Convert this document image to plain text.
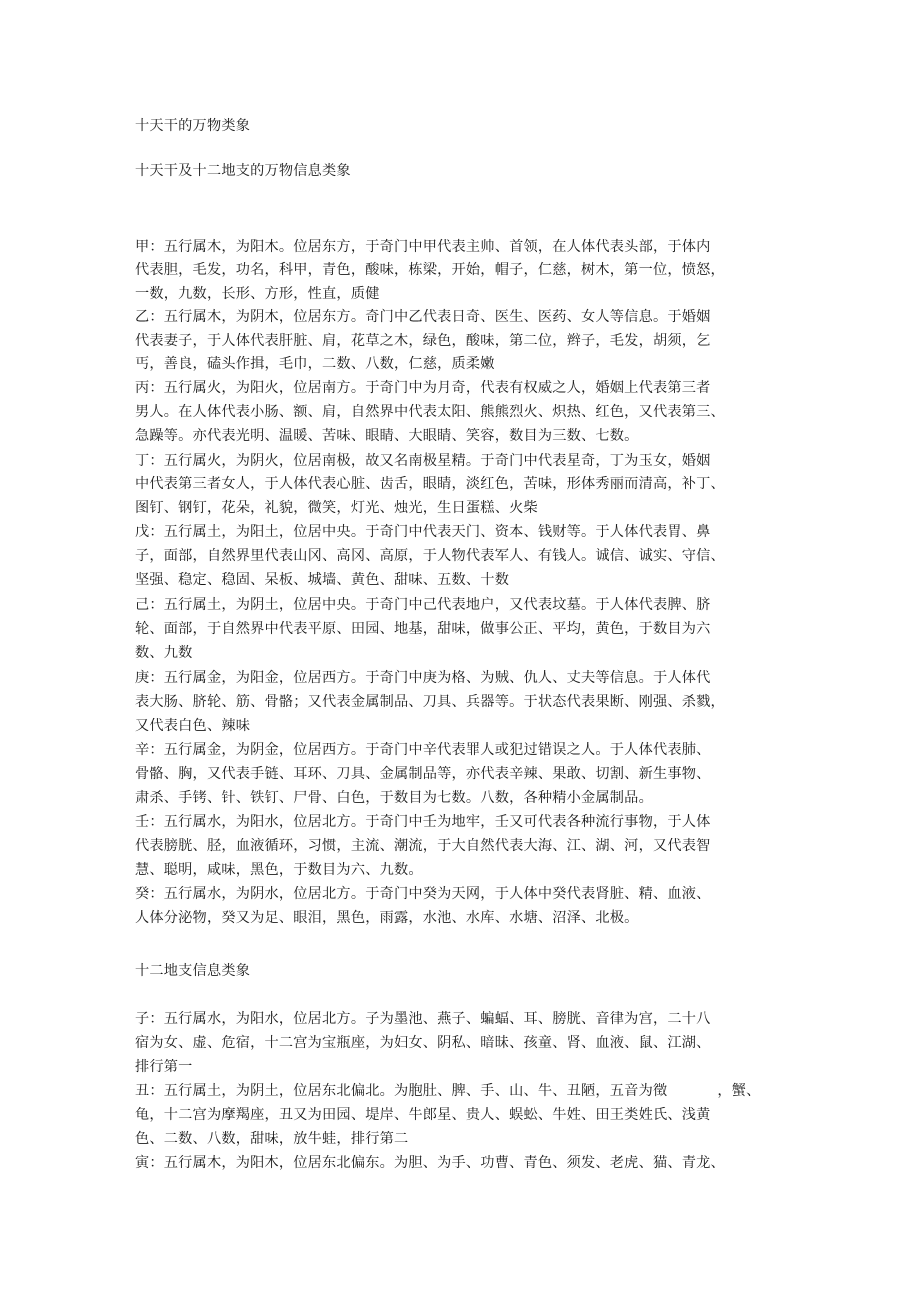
十天干的万物类象
十天干及十二地支的万物信息类象
甲：五行属木，为阳木。位居东方，于奇门中甲代表主帅、首领，在人体代表头部，于体内
代表胆，毛发，功名，科甲，青色，酸味，栋梁，开始，帽子，仁慈，树木，第一位，愤怒，
一数，九数，长形、方形，性直，质健
乙：五行属木，为阴木，位居东方。奇门中乙代表日奇、医生、医药、女人等信息。于婚姻
代表妻子，于人体代表肝脏、肩，花草之木，绿色，酸味，第二位，辫子，毛发，胡须，乞
丐，善良，磕头作揖，毛巾，二数、八数，仁慈，质柔嫩
丙：五行属火，为阳火，位居南方。于奇门中为月奇，代表有权威之人，婚姻上代表第三者
男人。在人体代表小肠、额、肩，自然界中代表太阳、熊熊烈火、炽热、红色，又代表第三、
急躁等。亦代表光明、温暖、苦味、眼睛、大眼睛、笑容，数目为三数、七数。
丁：五行属火，为阴火，位居南极，故又名南极星精。于奇门中代表星奇，丁为玉女，婚姻
中代表第三者女人，于人体代表心脏、齿舌，眼睛，淡红色，苦味，形体秀丽而清高，补丁、
图钉、钢钉，花朵，礼貌，微笑，灯光、烛光，生日蛋糕、火柴
戊：五行属土，为阳土，位居中央。于奇门中代表天门、资本、钱财等。于人体代表胃、鼻
子，面部，自然界里代表山冈、高冈、高原，于人物代表军人、有钱人。诚信、诚实、守信、
坚强、稳定、稳固、呆板、城墙、黄色、甜味、五数、十数
己：五行属土，为阴土，位居中央。于奇门中己代表地户，又代表坟墓。于人体代表脾、脐
轮、面部，于自然界中代表平原、田园、地基，甜味，做事公正、平均，黄色，于数目为六
数、九数
庚：五行属金，为阳金，位居西方。于奇门中庚为格、为贼、仇人、丈夫等信息。于人体代
表大肠、脐轮、筋、骨骼；又代表金属制品、刀具、兵器等。于状态代表果断、刚强、杀戮，
又代表白色、辣味
辛：五行属金，为阴金，位居西方。于奇门中辛代表罪人或犯过错误之人。于人体代表肺、
骨骼、胸，又代表手链、耳环、刀具、金属制品等，亦代表辛辣、果敢、切割、新生事物、
肃杀、手铐、针、铁钉、尸骨、白色，于数目为七数。八数，各种精小金属制品。
壬：五行属水，为阳水，位居北方。于奇门中壬为地牢，壬又可代表各种流行事物，于人体
代表膀胱、胫，血液循环，习惯，主流、潮流，于大自然代表大海、江、湖、河，又代表智
慧、聪明，咸味，黑色，于数目为六、九数。
癸：五行属水，为阴水，位居北方。于奇门中癸为天网，于人体中癸代表肾脏、精、血液、
人体分泌物，癸又为足、眼泪，黑色，雨露，水池、水库、水塘、沼泽、北极。
十二地支信息类象
子：五行属水，为阳水，位居北方。子为墨池、燕子、蝙蝠、耳、膀胱、音律为宫，二十八
宿为女、虚、危宿，十二宫为宝瓶座，为妇女、阴私、暗昧、孩童、肾、血液、鼠、江湖、
排行第一
丑：五行属土，为阴土，位居东北偏北。为胞肚、脾、手、山、牛、丑陋，五音为徵	，蟹、
龟，十二宫为摩羯座，丑又为田园、堤岸、牛郎星、贵人、蜈蚣、牛姓、田王类姓氏、浅黄
色、二数、八数，甜味，放牛蛙，排行第二
寅：五行属木，为阳木，位居东北偏东。为胆、为手、功曹、青色、须发、老虎、猫、青龙、
